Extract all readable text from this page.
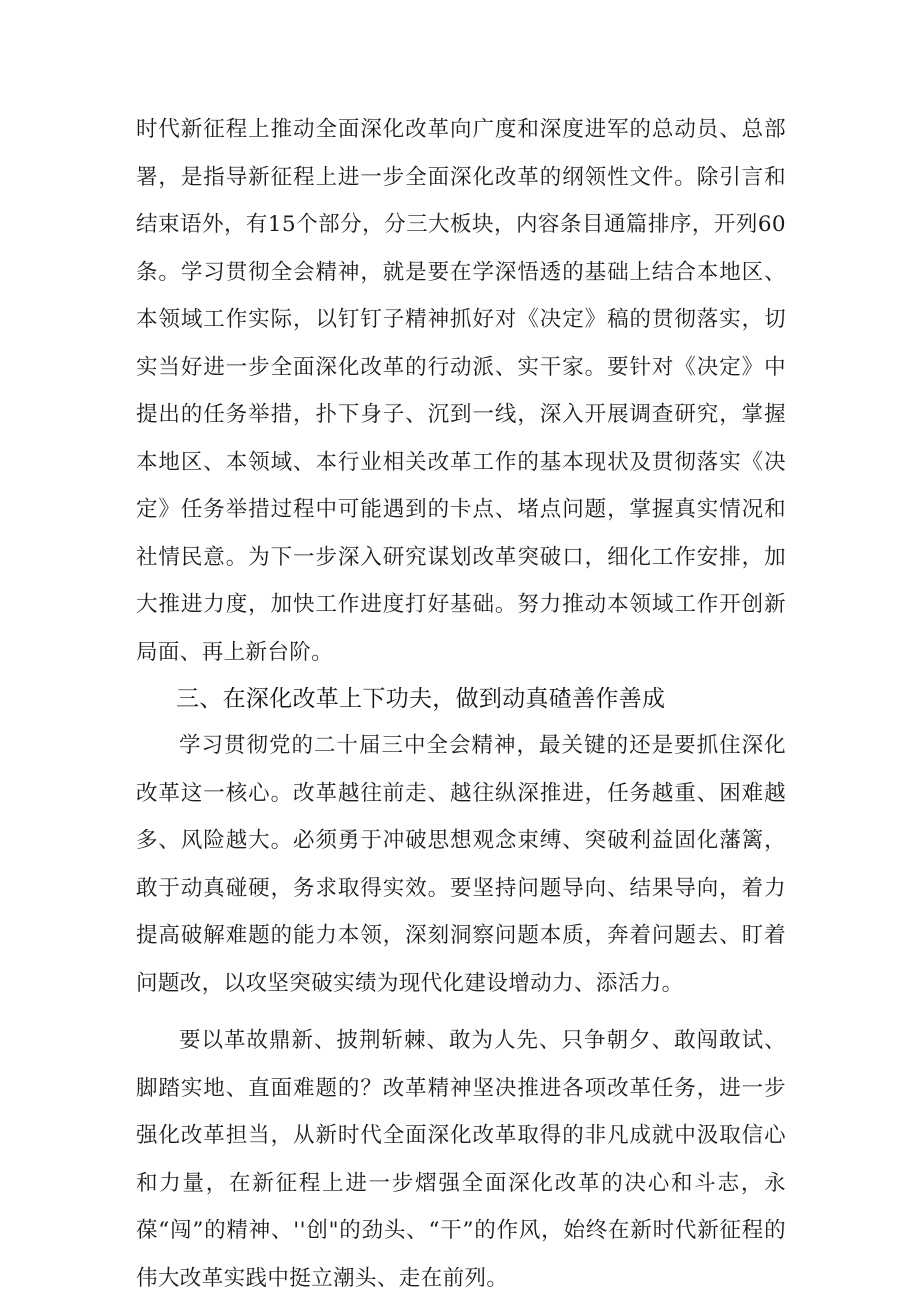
时代新征程上推动全面深化改革向广度和深度进军的总动员、总部署，是指导新征程上进一步全面深化改革的纲领性文件。除引言和结束语外，有15个部分，分三大板块，内容条目通篇排序，开列60条。学习贯彻全会精神，就是要在学深悟透的基础上结合本地区、本领域工作实际，以钉钉子精神抓好对《决定》稿的贯彻落实，切实当好进一步全面深化改革的行动派、实干家。要针对《决定》中提出的任务举措，扑下身子、沉到一线，深入开展调查研究，掌握本地区、本领域、本行业相关改革工作的基本现状及贯彻落实《决定》任务举措过程中可能遇到的卡点、堵点问题，掌握真实情况和社情民意。为下一步深入研究谋划改革突破口，细化工作安排，加大推进力度，加快工作进度打好基础。努力推动本领域工作开创新局面、再上新台阶。

三、在深化改革上下功夫，做到动真碴善作善成

学习贯彻党的二十届三中全会精神，最关键的还是要抓住深化改革这一核心。改革越往前走、越往纵深推进，任务越重、困难越多、风险越大。必须勇于冲破思想观念束缚、突破利益固化藩篱，敢于动真碰硬，务求取得实效。要坚持问题导向、结果导向，着力提高破解难题的能力本领，深刻洞察问题本质，奔着问题去、盯着问题改，以攻坚突破实绩为现代化建设增动力、添活力。

要以革故鼎新、披荆斩棘、敢为人先、只争朝夕、敢闯敢试、脚踏实地、直面难题的？改革精神坚决推进各项改革任务，进一步强化改革担当，从新时代全面深化改革取得的非凡成就中汲取信心和力量，在新征程上进一步熠强全面深化改革的决心和斗志，永葆“闯”的精神、''创"的劲头、“干”的作风，始终在新时代新征程的伟大改革实践中挺立潮头、走在前列。
